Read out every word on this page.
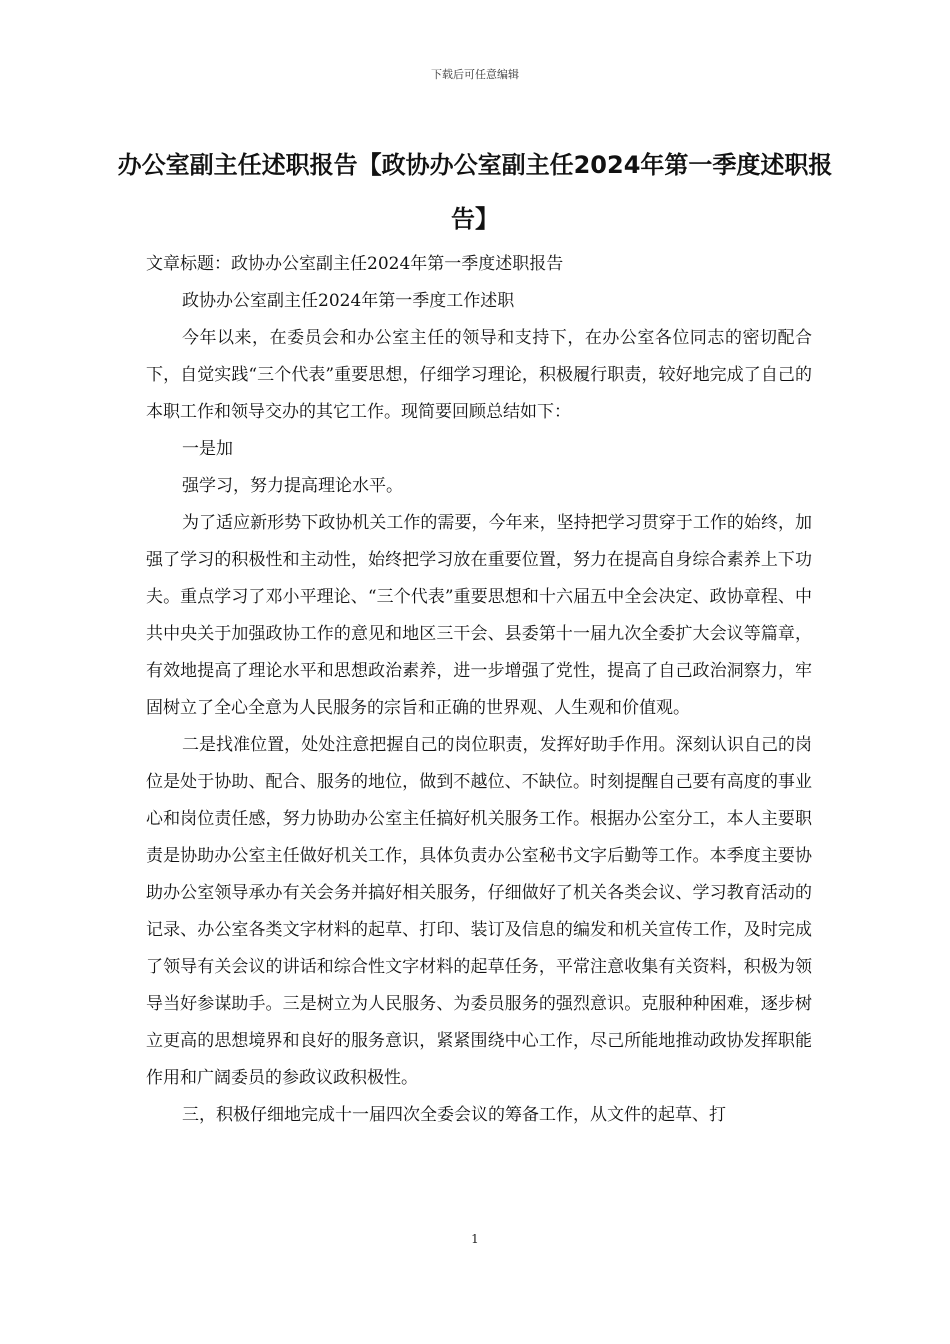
下载后可任意编辑
办公室副主任述职报告【政协办公室副主任2024年第一季度述职报告】

文章标题：政协办公室副主任2024年第一季度述职报告

政协办公室副主任2024年第一季度工作述职

今年以来，在委员会和办公室主任的领导和支持下，在办公室各位同志的密切配合下，自觉实践“三个代表”重要思想，仔细学习理论，积极履行职责，较好地完成了自己的本职工作和领导交办的其它工作。现简要回顾总结如下：

一是加

强学习，努力提高理论水平。

为了适应新形势下政协机关工作的需要，今年来，坚持把学习贯穿于工作的始终，加强了学习的积极性和主动性，始终把学习放在重要位置，努力在提高自身综合素养上下功夫。重点学习了邓小平理论、“三个代表”重要思想和十六届五中全会决定、政协章程、中共中央关于加强政协工作的意见和地区三干会、县委第十一届九次全委扩大会议等篇章，有效地提高了理论水平和思想政治素养，进一步增强了党性，提高了自己政治洞察力，牢固树立了全心全意为人民服务的宗旨和正确的世界观、人生观和价值观。

二是找准位置，处处注意把握自己的岗位职责，发挥好助手作用。深刻认识自己的岗位是处于协助、配合、服务的地位，做到不越位、不缺位。时刻提醒自己要有高度的事业心和岗位责任感，努力协助办公室主任搞好机关服务工作。根据办公室分工，本人主要职责是协助办公室主任做好机关工作，具体负责办公室秘书文字后勤等工作。本季度主要协助办公室领导承办有关会务并搞好相关服务，仔细做好了机关各类会议、学习教育活动的记录、办公室各类文字材料的起草、打印、装订及信息的编发和机关宣传工作，及时完成了领导有关会议的讲话和综合性文字材料的起草任务，平常注意收集有关资料，积极为领导当好参谋助手。三是树立为人民服务、为委员服务的强烈意识。克服种种困难，逐步树立更高的思想境界和良好的服务意识，紧紧围绕中心工作，尽己所能地推动政协发挥职能作用和广阔委员的参政议政积极性。

三，积极仔细地完成十一届四次全委会议的筹备工作，从文件的起草、打

1
